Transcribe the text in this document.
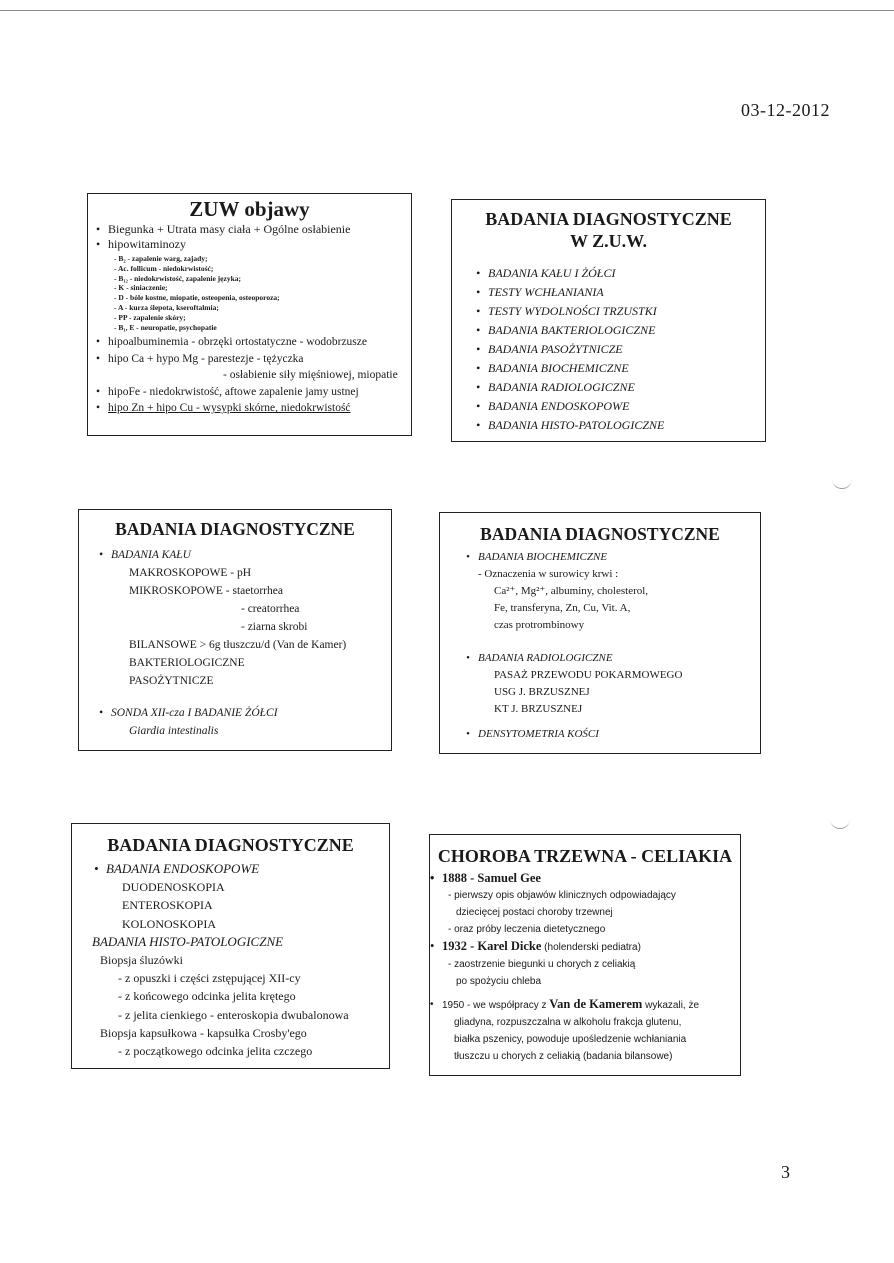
03-12-2012

ZUW objawy

• Biegunka + Utrata masy ciała + Ogólne osłabienie

• hipowitaminozy

- B₂ - zapalenie warg, zajady;

- Ac. follicum - niedokrwistość;

- B₁₂ - niedokrwistość, zapalenie języka;

- K - siniaczenie;

- D - bóle kostne, miopatie, osteopenia, osteoporoza;

- A - kurza ślepota, kseroftalmia;

- PP - zapalenie skóry;

- B₁, E - neuropatie, psychopatie

• hipoalbuminemia - obrzęki ortostatyczne - wodobrzusze

• hipo Ca + hypo Mg - parestezje - tężyczka

- osłabienie siły mięśniowej, miopatie

• hipoFe - niedokrwistość, aftowe zapalenie jamy ustnej

• hipo Zn + hipo Cu - wysypki skórne, niedokrwistość

BADANIA DIAGNOSTYCZNE

W Z.U.W.

• BADANIA KAŁU I ŻÓŁCI
• TESTY WCHŁANIANIA
• TESTY WYDOLNOŚCI TRZUSTKI
• BADANIA BAKTERIOLOGICZNE
• BADANIA PASOŻYTNICZE
• BADANIA BIOCHEMICZNE
• BADANIA RADIOLOGICZNE
• BADANIA ENDOSKOPOWE
• BADANIA HISTO-PATOLOGICZNE

BADANIA DIAGNOSTYCZNE

• BADANIA KAŁU

MAKROSKOPOWE - pH

MIKROSKOPOWE - staetorrhea

- creatorrhea

- ziarna skrobi

BILANSOWE > 6g tłuszczu/d (Van de Kamer)

BAKTERIOLOGICZNE

PASOŻYTNICZE

• SONDA XII-cza I BADANIE ŻÓŁCI

Giardia intestinalis

BADANIA DIAGNOSTYCZNE

• BADANIA BIOCHEMICZNE

- Oznaczenia w surowicy krwi :

Ca²⁺, Mg²⁺, albuminy, cholesterol,

Fe, transferyna, Zn, Cu, Vit. A,

czas protrombinowy

• BADANIA RADIOLOGICZNE

PASAŻ PRZEWODU POKARMOWEGO

USG J. BRZUSZNEJ

KT J. BRZUSZNEJ

• DENSYTOMETRIA KOŚCI

BADANIA DIAGNOSTYCZNE

• BADANIA ENDOSKOPOWE

DUODENOSKOPIA

ENTEROSKOPIA

KOLONOSKOPIA

BADANIA HISTO-PATOLOGICZNE

Biopsja śluzówki

- z opuszki i części zstępującej XII-cy

- z końcowego odcinka jelita krętego

- z jelita cienkiego - enteroskopia dwubalonowa

Biopsja kapsułkowa - kapsułka Crosby'ego

- z początkowego odcinka jelita czczego

CHOROBA TRZEWNA - CELIAKIA

• 1888 - Samuel Gee

- pierwszy opis objawów klinicznych odpowiadający

dziecięcej postaci choroby trzewnej

- oraz próby leczenia dietetycznego

• 1932 - Karel Dicke (holenderski pediatra)

- zaostrzenie biegunki u chorych z celiakią

po spożyciu chleba

• 1950 - we współpracy z Van de Kamerem wykazali, że

gliadyna, rozpuszczalna w alkoholu frakcja glutenu,

białka pszenicy, powoduje upośledzenie wchłaniania

tłuszczu u chorych z celiakią (badania bilansowe)

3
